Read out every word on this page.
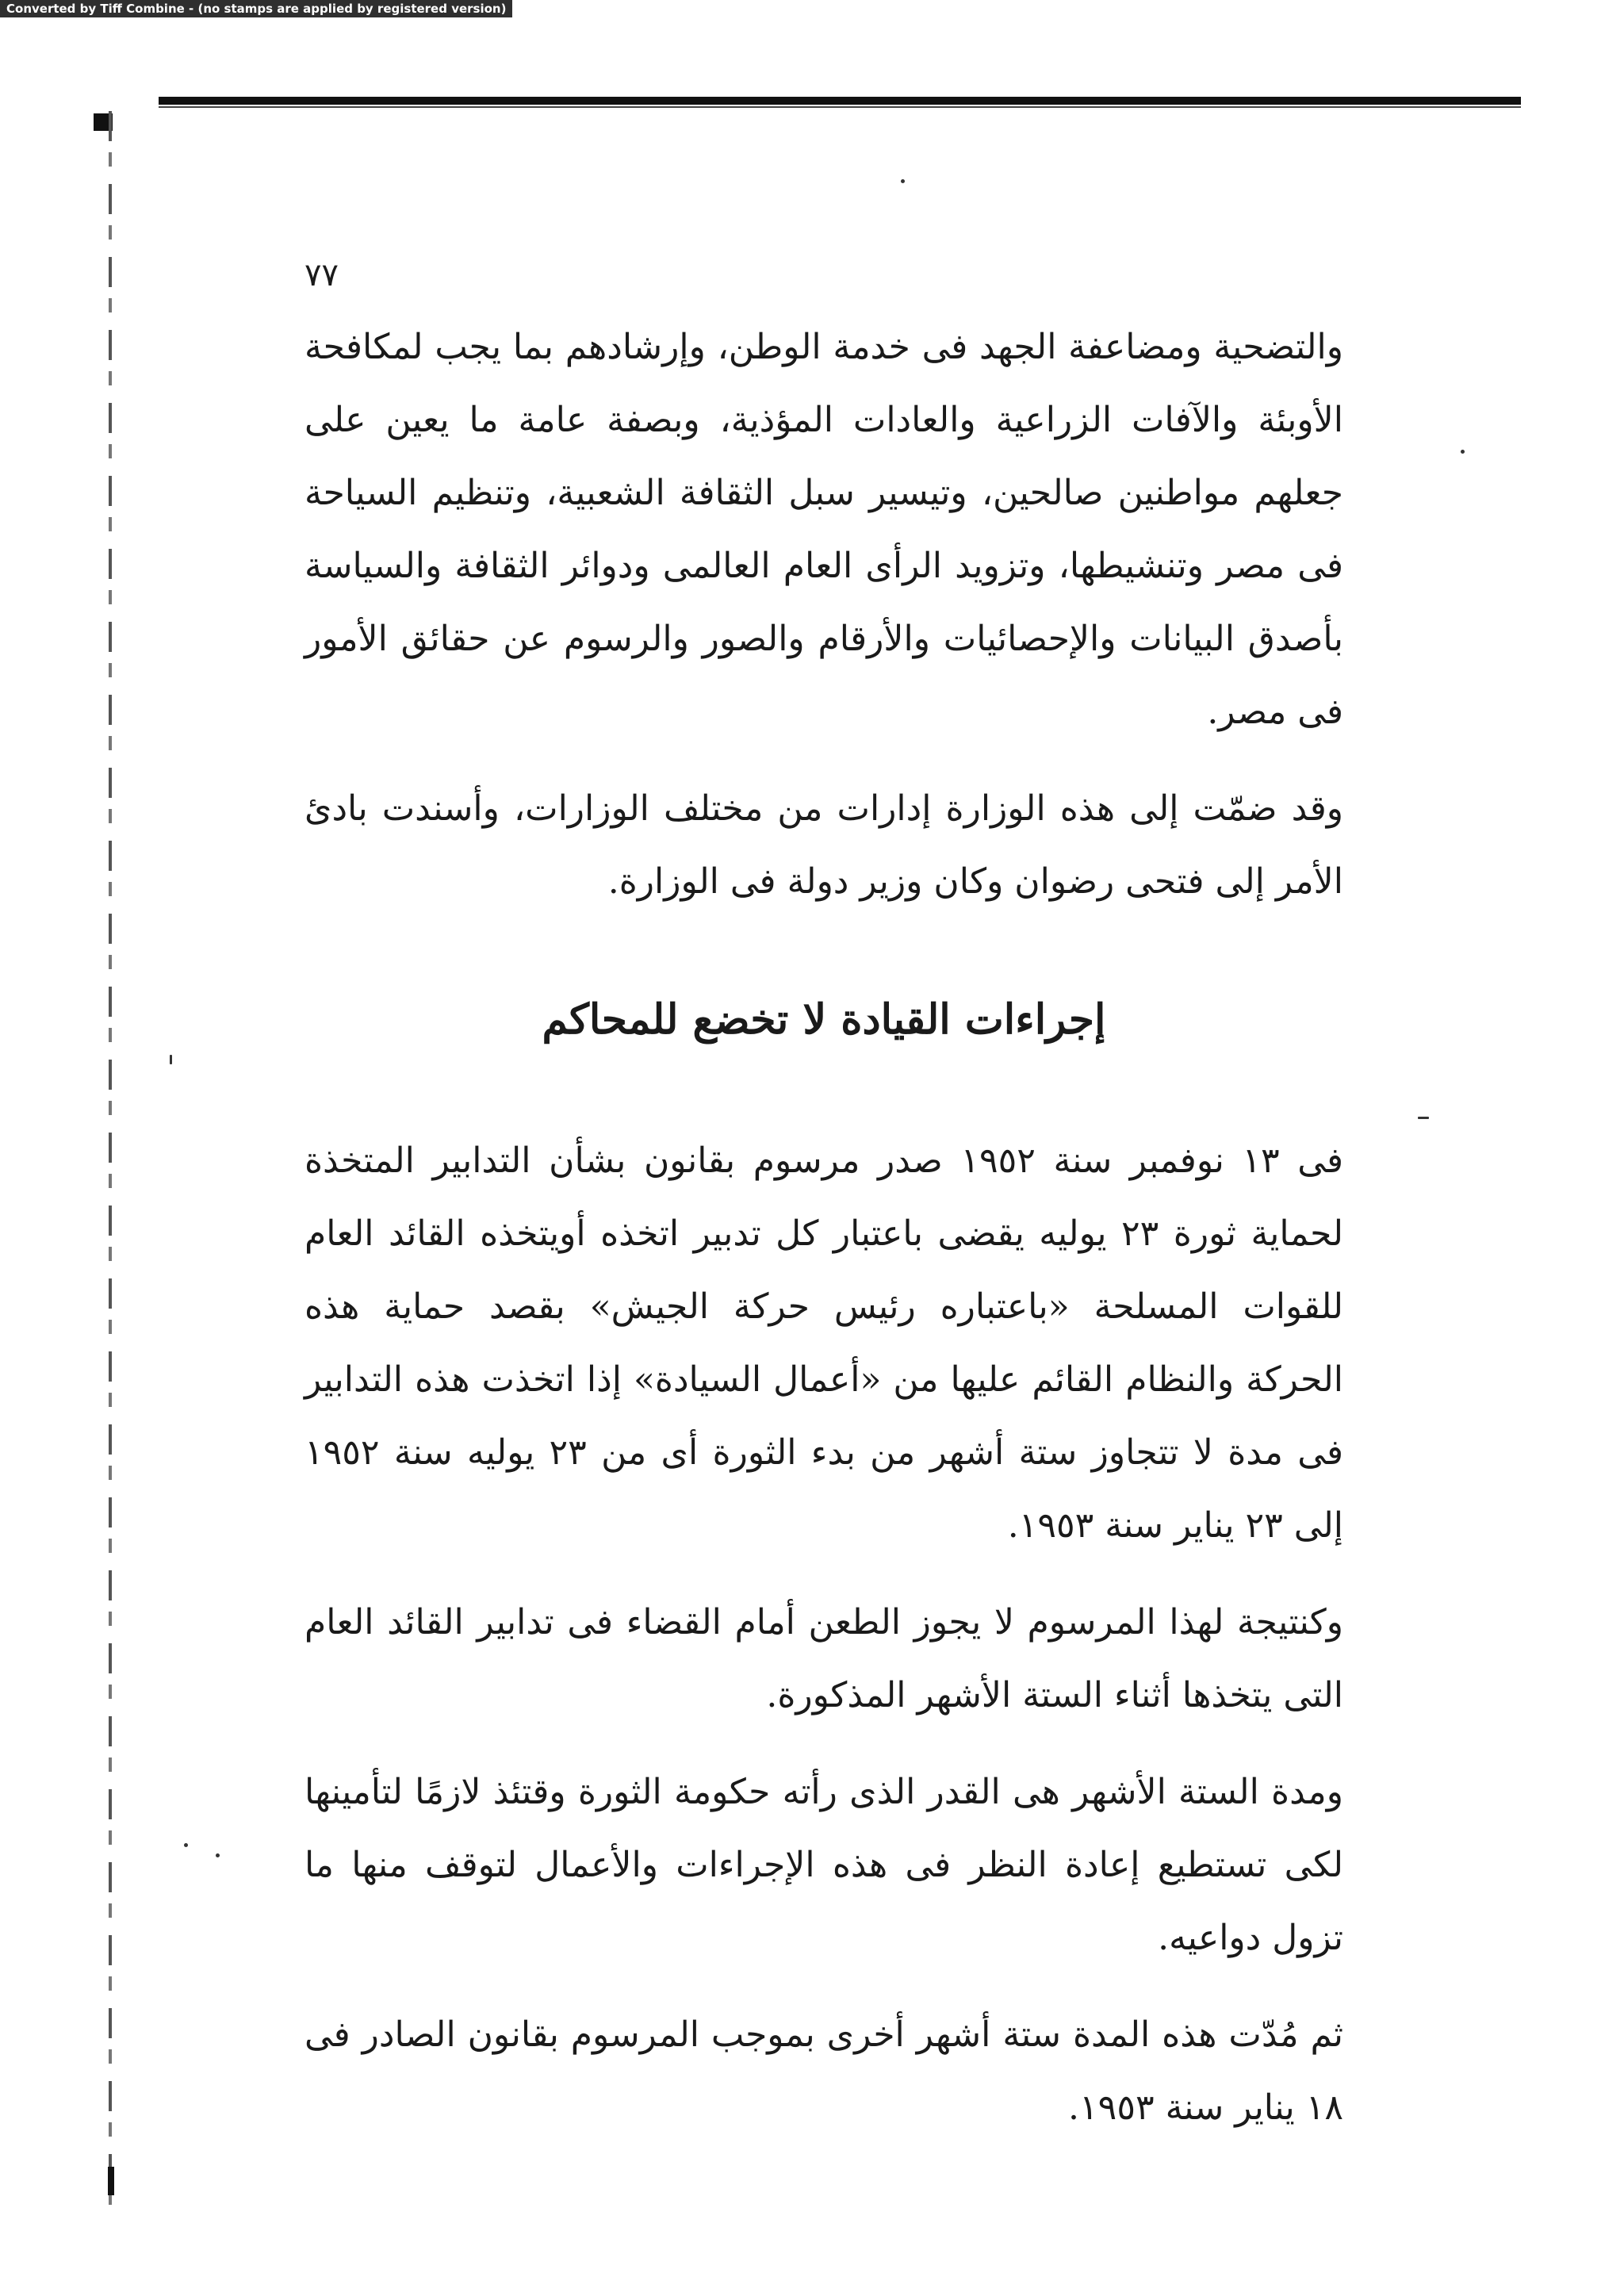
Converted by Tiff Combine - (no stamps are applied by registered version)
٧٧

والتضحية ومضاعفة الجهد فى خدمة الوطن، وإرشادهم بما يجب لمكافحة الأوبئة والآفات الزراعية والعادات المؤذية، وبصفة عامة ما يعين على جعلهم مواطنين صالحين، وتيسير سبل الثقافة الشعبية، وتنظيم السياحة فى مصر وتنشيطها، وتزويد الرأى العام العالمى ودوائر الثقافة والسياسة بأصدق البيانات والإحصائيات والأرقام والصور والرسوم عن حقائق الأمور فى مصر.

وقد ضمّت إلى هذه الوزارة إدارات من مختلف الوزارات، وأسندت بادئ الأمر إلى فتحى رضوان وكان وزير دولة فى الوزارة.

إجراءات القيادة لا تخضع للمحاكم

فى ١٣ نوفمبر سنة ١٩٥٢ صدر مرسوم بقانون بشأن التدابير المتخذة لحماية ثورة ٢٣ يوليه يقضى باعتبار كل تدبير اتخذه أويتخذه القائد العام للقوات المسلحة «باعتباره رئيس حركة الجيش» بقصد حماية هذه الحركة والنظام القائم عليها من «أعمال السيادة» إذا اتخذت هذه التدابير فى مدة لا تتجاوز ستة أشهر من بدء الثورة أى من ٢٣ يوليه سنة ١٩٥٢ إلى ٢٣ يناير سنة ١٩٥٣.

وكنتيجة لهذا المرسوم لا يجوز الطعن أمام القضاء فى تدابير القائد العام التى يتخذها أثناء الستة الأشهر المذكورة.

ومدة الستة الأشهر هى القدر الذى رأته حكومة الثورة وقتئذ لازمًا لتأمينها لكى تستطيع إعادة النظر فى هذه الإجراءات والأعمال لتوقف منها ما تزول دواعيه.

ثم مُدّت هذه المدة ستة أشهر أخرى بموجب المرسوم بقانون الصادر فى ١٨ يناير سنة ١٩٥٣.
